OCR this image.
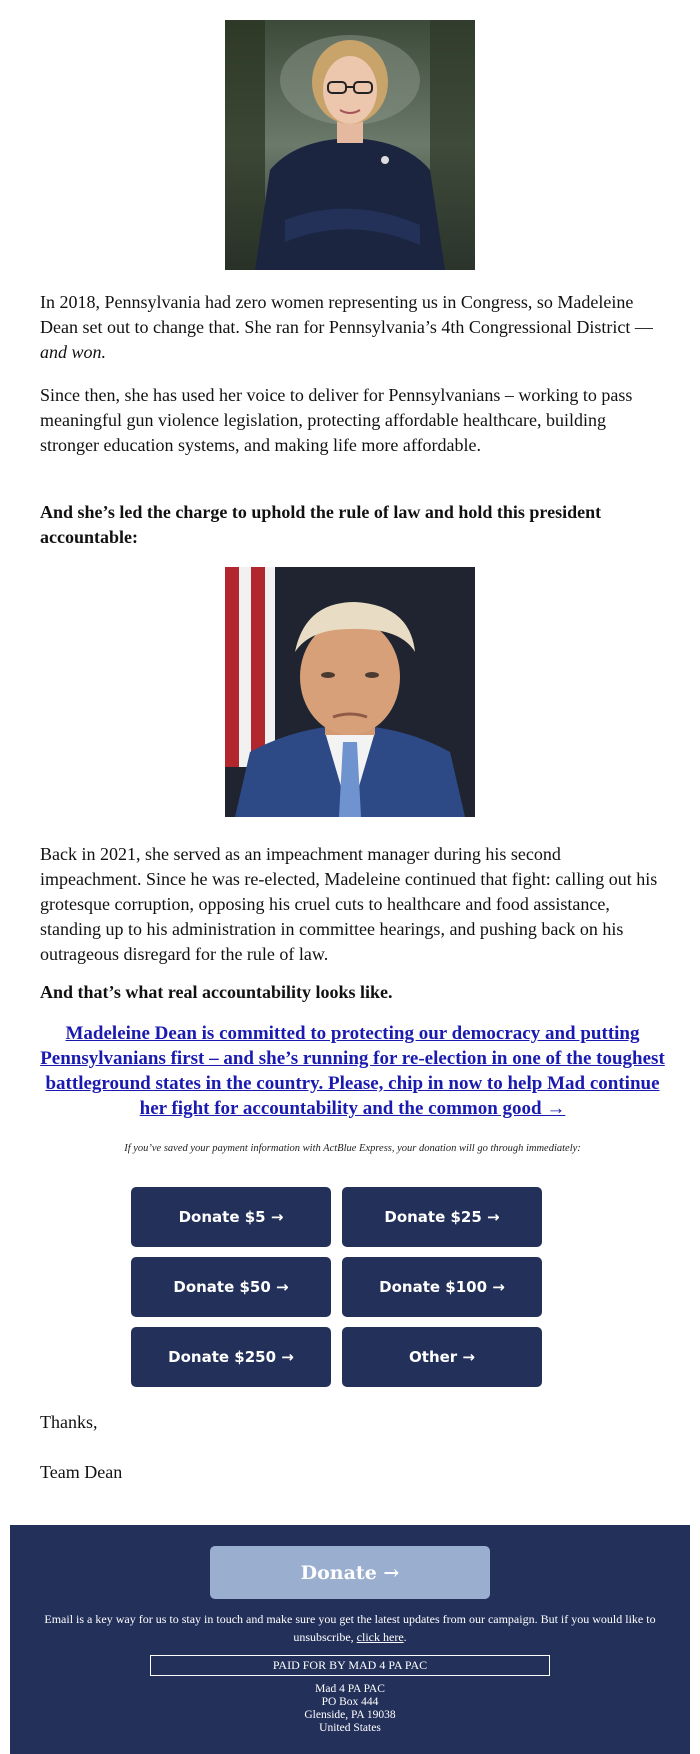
In 2018, Pennsylvania had zero women representing us in Congress, so Madeleine Dean set out to change that. She ran for Pennsylvania’s 4th Congressional District — and won.

Since then, she has used her voice to deliver for Pennsylvanians – working to pass meaningful gun violence legislation, protecting affordable healthcare, building stronger education systems, and making life more affordable.

And she’s led the charge to uphold the rule of law and hold this president accountable:

Back in 2021, she served as an impeachment manager during his second impeachment. Since he was re-elected, Madeleine continued that fight: calling out his grotesque corruption, opposing his cruel cuts to healthcare and food assistance, standing up to his administration in committee hearings, and pushing back on his outrageous disregard for the rule of law.

And that’s what real accountability looks like.

Madeleine Dean is committed to protecting our democracy and putting Pennsylvanians first – and she’s running for re-election in one of the toughest battleground states in the country. Please, chip in now to help Mad continue her fight for accountability and the common good →

If you’ve saved your payment information with ActBlue Express, your donation will go through immediately:

Donate $5 →	Donate $25 →
Donate $50 →	Donate $100 →
Donate $250 →	Other →

Thanks,

Team Dean

Donate →

Email is a key way for us to stay in touch and make sure you get the latest updates from our campaign. But if you would like to unsubscribe, click here.

PAID FOR BY MAD 4 PA PAC
Mad 4 PA PAC
PO Box 444
Glenside, PA 19038
United States
